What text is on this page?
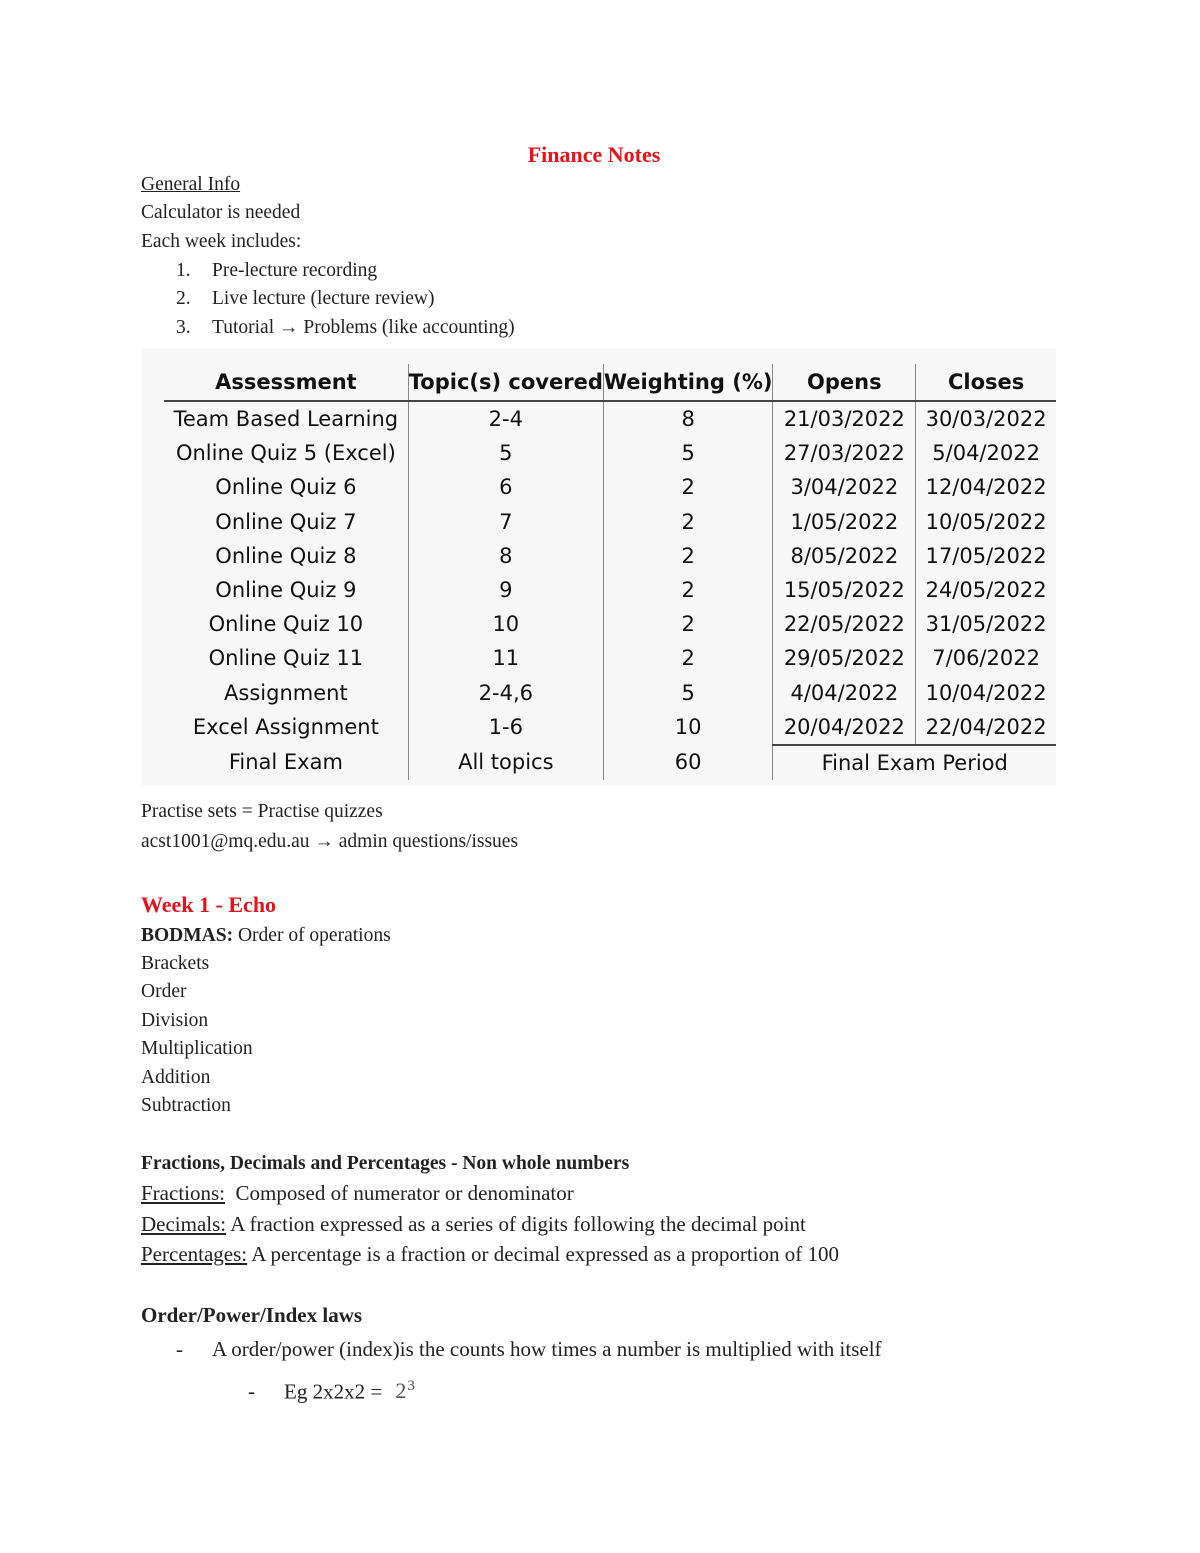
Finance Notes
General Info
Calculator is needed
Each week includes:
1. Pre-lecture recording
2. Live lecture (lecture review)
3. Tutorial → Problems (like accounting)
Assessment	Topic(s) covered	Weighting (%)	Opens	Closes
Team Based Learning	2-4	8	21/03/2022	30/03/2022
Online Quiz 5 (Excel)	5	5	27/03/2022	5/04/2022
Online Quiz 6	6	2	3/04/2022	12/04/2022
Online Quiz 7	7	2	1/05/2022	10/05/2022
Online Quiz 8	8	2	8/05/2022	17/05/2022
Online Quiz 9	9	2	15/05/2022	24/05/2022
Online Quiz 10	10	2	22/05/2022	31/05/2022
Online Quiz 11	11	2	29/05/2022	7/06/2022
Assignment	2-4,6	5	4/04/2022	10/04/2022
Excel Assignment	1-6	10	20/04/2022	22/04/2022
Final Exam	All topics	60	Final Exam Period	
Practise sets = Practise quizzes
acst1001@mq.edu.au → admin questions/issues
Week 1 - Echo
BODMAS: Order of operations
Brackets
Order
Division
Multiplication
Addition
Subtraction
Fractions, Decimals and Percentages - Non whole numbers
Fractions:  Composed of numerator or denominator
Decimals: A fraction expressed as a series of digits following the decimal point
Percentages: A percentage is a fraction or decimal expressed as a proportion of 100
Order/Power/Index laws
- A order/power (index)is the counts how times a number is multiplied with itself
- Eg $2x2x2 = 2^3$
